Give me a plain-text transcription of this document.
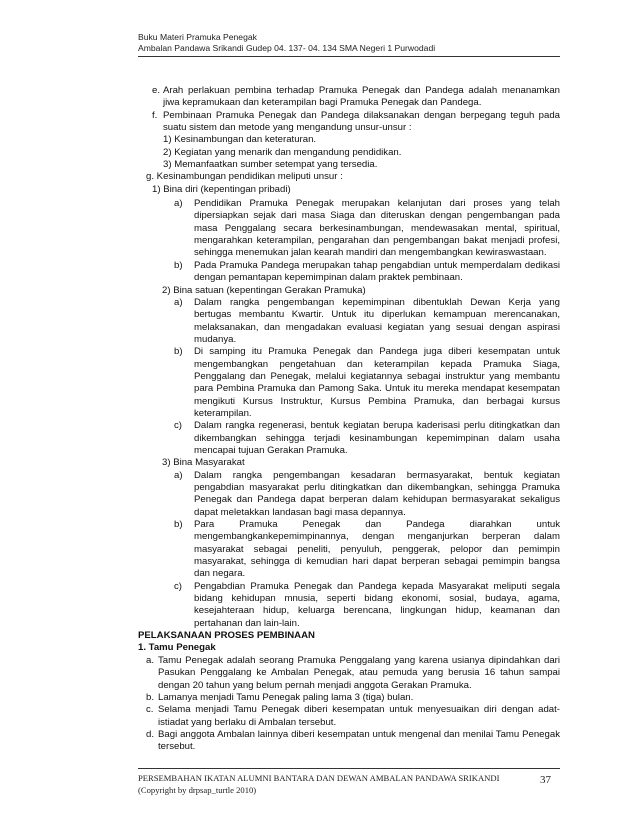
Buku Materi Pramuka Penegak
Ambalan Pandawa Srikandi Gudep 04. 137- 04. 134 SMA Negeri 1 Purwodadi
e. Arah perlakuan pembina terhadap Pramuka Penegak dan Pandega adalah menanamkan jiwa kepramukaan dan keterampilan bagi Pramuka Penegak dan Pandega.
f. Pembinaan Pramuka Penegak dan Pandega dilaksanakan dengan berpegang teguh pada suatu sistem dan metode yang mengandung unsur-unsur :

1) Kesinambungan dan keteraturan.

2) Kegiatan yang menarik dan mengandung pendidikan.

3) Memanfaatkan sumber setempat yang tersedia.

g. Kesinambungan pendidikan meliputi unsur :

1) Bina diri (kepentingan pribadi)

a)	Pendidikan Pramuka Penegak merupakan kelanjutan dari proses yang telah dipersiapkan sejak dari masa Siaga dan diteruskan dengan pengembangan pada masa Penggalang secara berkesinambungan, mendewasakan mental, spiritual, mengarahkan keterampilan, pengarahan dan pengembangan bakat menjadi profesi, sehingga menemukan jalan kearah mandiri dan mengembangkan kewiraswastaan.
b)	Pada Pramuka Pandega merupakan tahap pengabdian untuk memperdalam dedikasi dengan pemantapan kepemimpinan dalam praktek pembinaan.

2) Bina satuan (kepentingan Gerakan Pramuka)

a)	Dalam rangka pengembangan kepemimpinan dibentuklah Dewan Kerja yang bertugas membantu Kwartir. Untuk itu diperlukan kemampuan merencanakan, melaksanakan, dan mengadakan evaluasi kegiatan yang sesuai dengan aspirasi mudanya.
b)	Di samping itu Pramuka Penegak dan Pandega juga diberi kesempatan untuk mengembangkan pengetahuan dan keterampilan kepada Pramuka Siaga, Penggalang dan Penegak, melalui kegiatannya sebagai instruktur yang membantu para Pembina Pramuka dan Pamong Saka. Untuk itu mereka mendapat kesempatan mengikuti Kursus Instruktur, Kursus Pembina Pramuka, dan berbagai kursus keterampilan.
c)	Dalam rangka regenerasi, bentuk kegiatan berupa kaderisasi perlu ditingkatkan dan dikembangkan sehingga terjadi kesinambungan kepemimpinan dalam usaha mencapai tujuan Gerakan Pramuka.

3) Bina Masyarakat

a)	Dalam rangka pengembangan kesadaran bermasyarakat, bentuk kegiatan pengabdian masyarakat perlu ditingkatkan dan dikembangkan, sehingga Pramuka Penegak dan Pandega dapat berperan dalam kehidupan bermasyarakat sekaligus dapat meletakkan landasan bagi masa depannya.
b)	Para Pramuka Penegak dan Pandega diarahkan untuk mengembangkankepemimpinannya, dengan menganjurkan berperan dalam masyarakat sebagai peneliti, penyuluh, penggerak, pelopor dan pemimpin masyarakat, sehingga di kemudian hari dapat berperan sebagai pemimpin bangsa dan negara.
c)	Pengabdian Pramuka Penegak dan Pandega kepada Masyarakat meliputi segala bidang kehidupan mnusia, seperti bidang ekonomi, sosial, budaya, agama, kesejahteraan hidup, keluarga berencana, lingkungan hidup, keamanan dan pertahanan dan lain-lain.

PELAKSANAAN PROSES PEMBINAAN

1. Tamu Penegak

a. Tamu Penegak adalah seorang Pramuka Penggalang yang karena usianya dipindahkan dari Pasukan Penggalang ke Ambalan Penegak, atau pemuda yang berusia 16 tahun sampai dengan 20 tahun yang belum pernah menjadi anggota Gerakan Pramuka.
b. Lamanya menjadi Tamu Penegak paling lama 3 (tiga) bulan.
c. Selama menjadi Tamu Penegak diberi kesempatan untuk menyesuaikan diri dengan adat-istiadat yang berlaku di Ambalan tersebut.
d. Bagi anggota Ambalan lainnya diberi kesempatan untuk mengenal dan menilai Tamu Penegak tersebut.
PERSEMBAHAN IKATAN ALUMNI BANTARA DAN DEWAN AMBALAN PANDAWA SRIKANDI
(Copyright by drpsap_turtle 2010)
37
